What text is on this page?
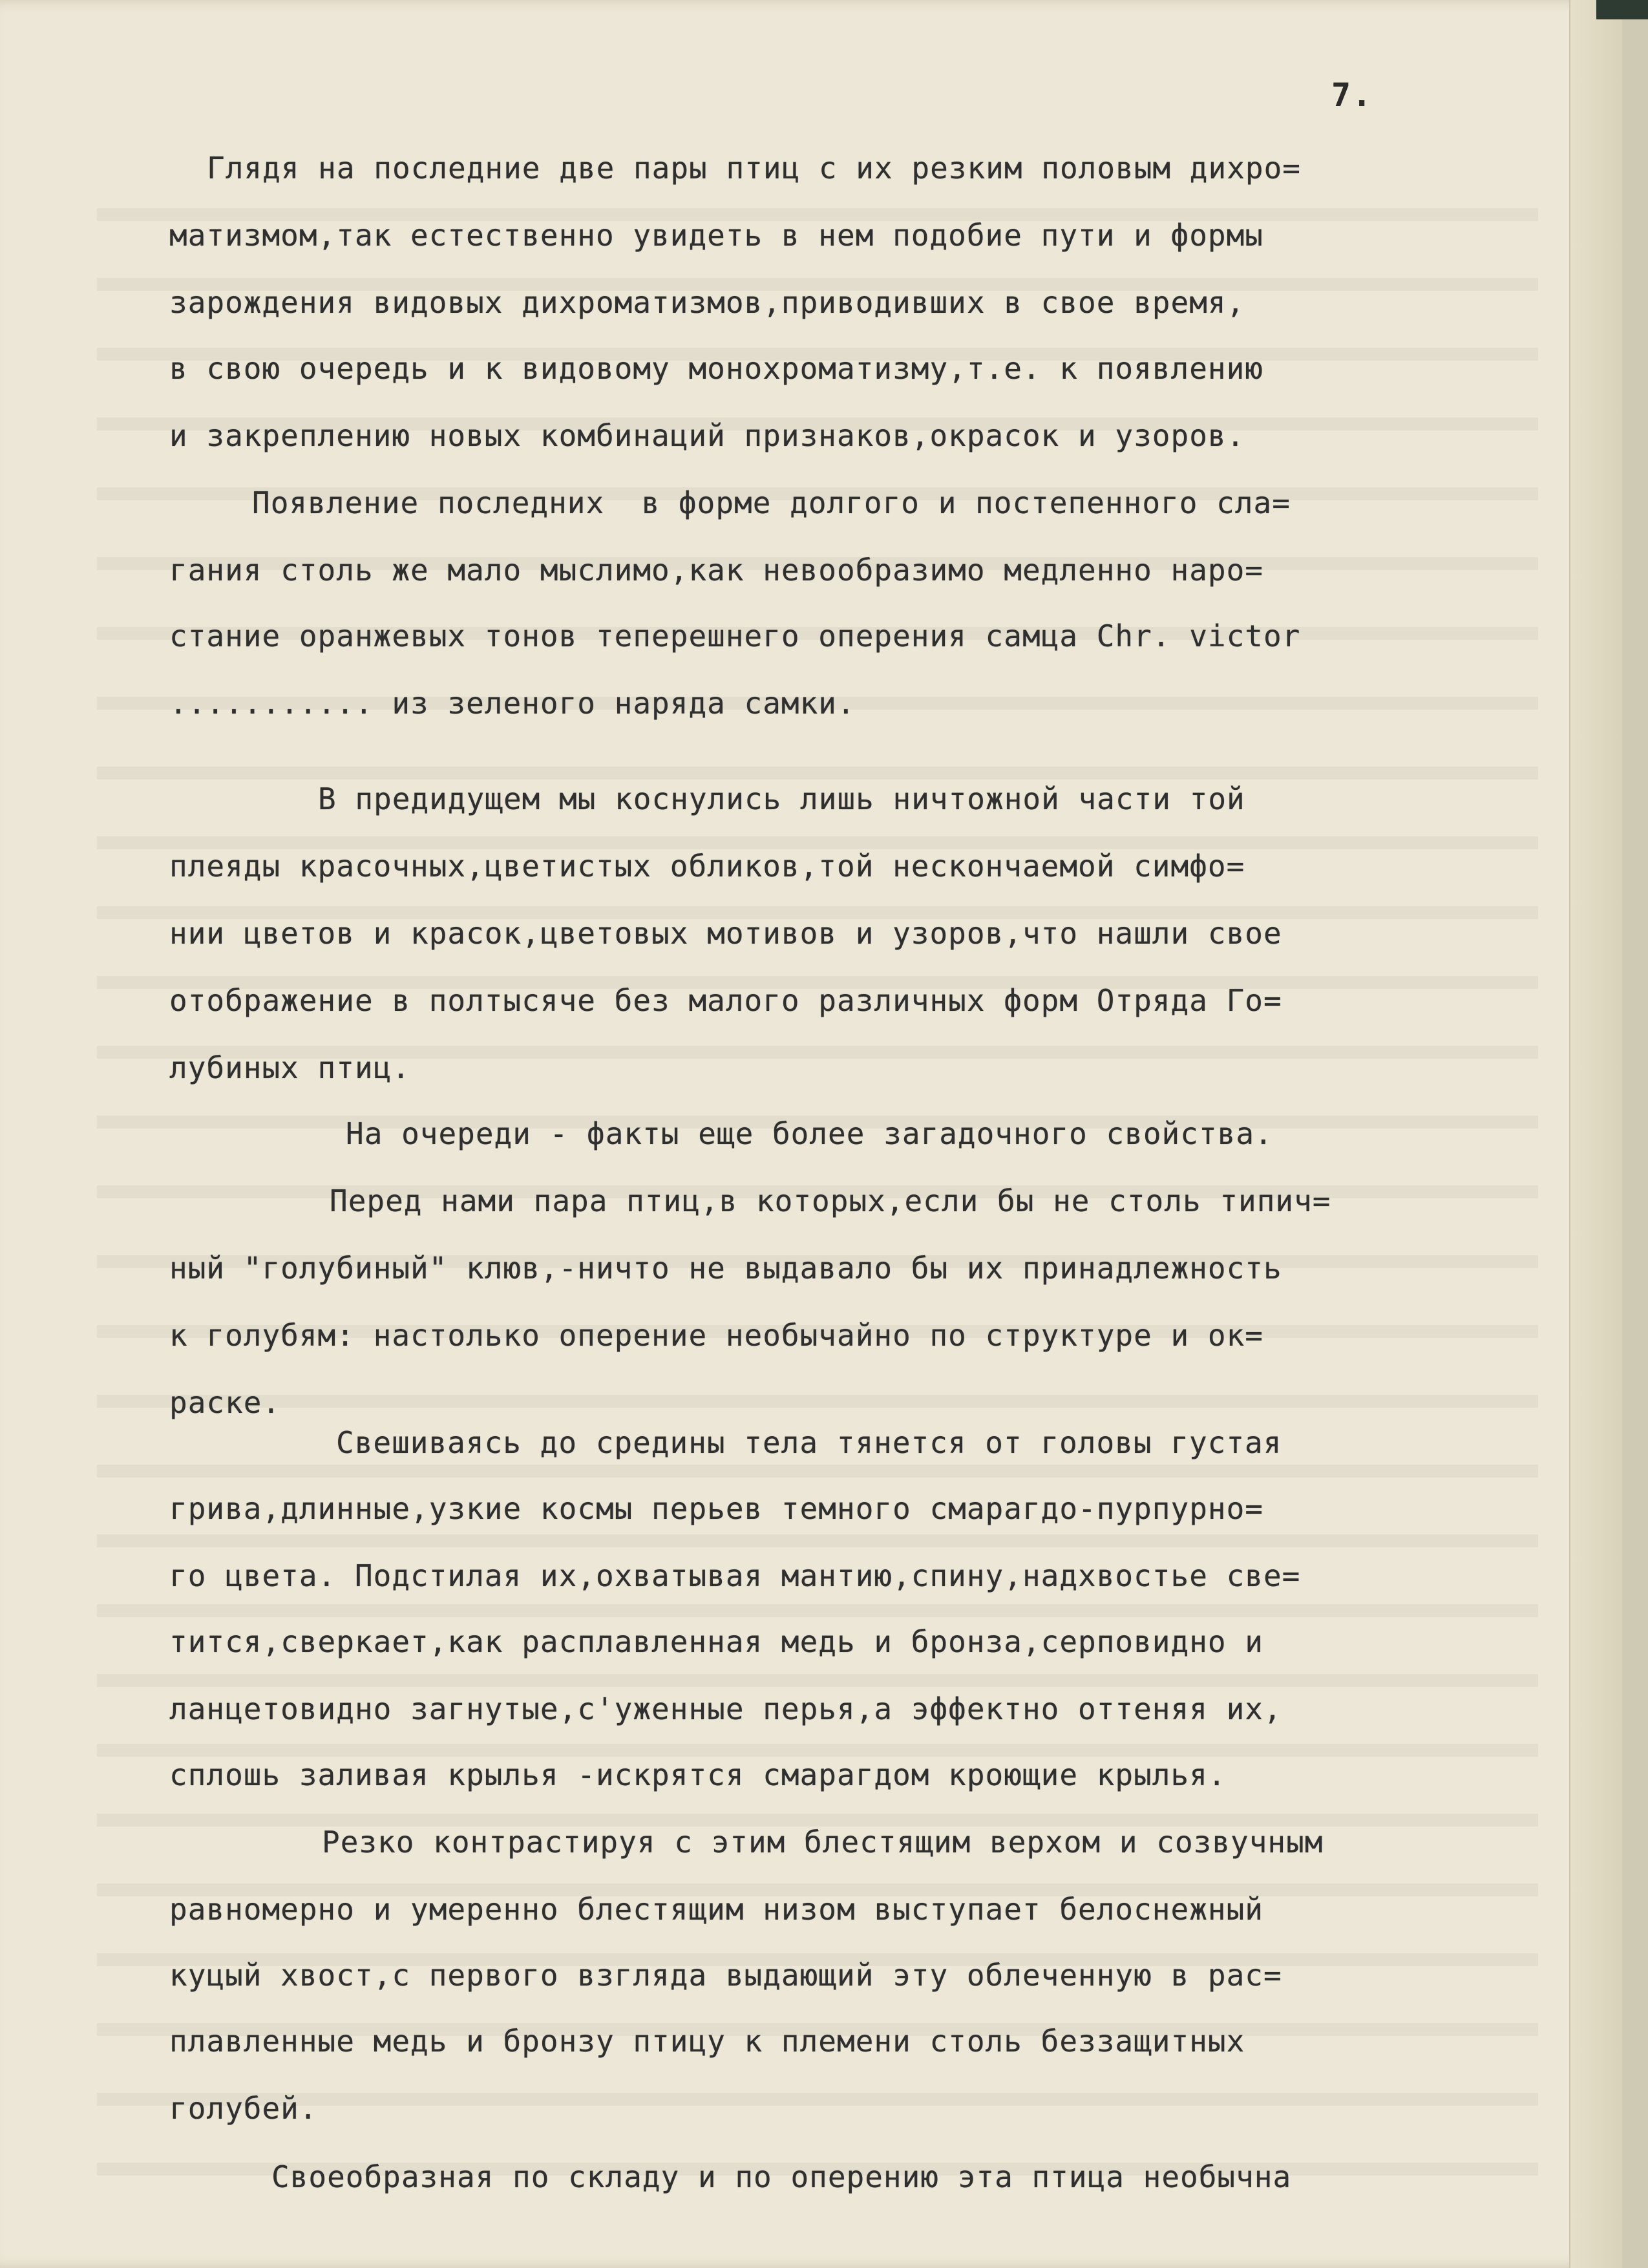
7.
Глядя на последние две пары птиц с их резким половым дихро=
матизмом,так естественно увидеть в нем подобие пути и формы
зарождения видовых дихроматизмов,приводивших в свое время,
в свою очередь и к видовому монохроматизму,т.е. к появлению
и закреплению новых комбинаций признаков,окрасок и узоров.
Появление последних  в форме долгого и постепенного сла=
гания столь же мало мыслимо,как невообразимо медленно наро=
стание оранжевых тонов теперешнего оперения самца Chr. victor
........... из зеленого наряда самки.
В предидущем мы коснулись лишь ничтожной части той
плеяды красочных,цветистых обликов,той нескончаемой симфо=
нии цветов и красок,цветовых мотивов и узоров,что нашли свое
отображение в полтысяче без малого различных форм Отряда Го=
лубиных птиц.
На очереди - факты еще более загадочного свойства.
Перед нами пара птиц,в которых,если бы не столь типич=
ный "голубиный" клюв,-ничто не выдавало бы их принадлежность
к голубям: настолько оперение необычайно по структуре и ок=
раске.
Свешиваясь до средины тела тянется от головы густая
грива,длинные,узкие космы перьев темного смарагдо-пурпурно=
го цвета. Подстилая их,охватывая мантию,спину,надхвостье све=
тится,сверкает,как расплавленная медь и бронза,серповидно и
ланцетовидно загнутые,с'уженные перья,а эффектно оттеняя их,
сплошь заливая крылья -искрятся смарагдом кроющие крылья.
Резко контрастируя с этим блестящим верхом и созвучным
равномерно и умеренно блестящим низом выступает белоснежный
куцый хвост,с первого взгляда выдающий эту облеченную в рас=
плавленные медь и бронзу птицу к племени столь беззащитных
голубей.
Своеобразная по складу и по оперению эта птица необычна
